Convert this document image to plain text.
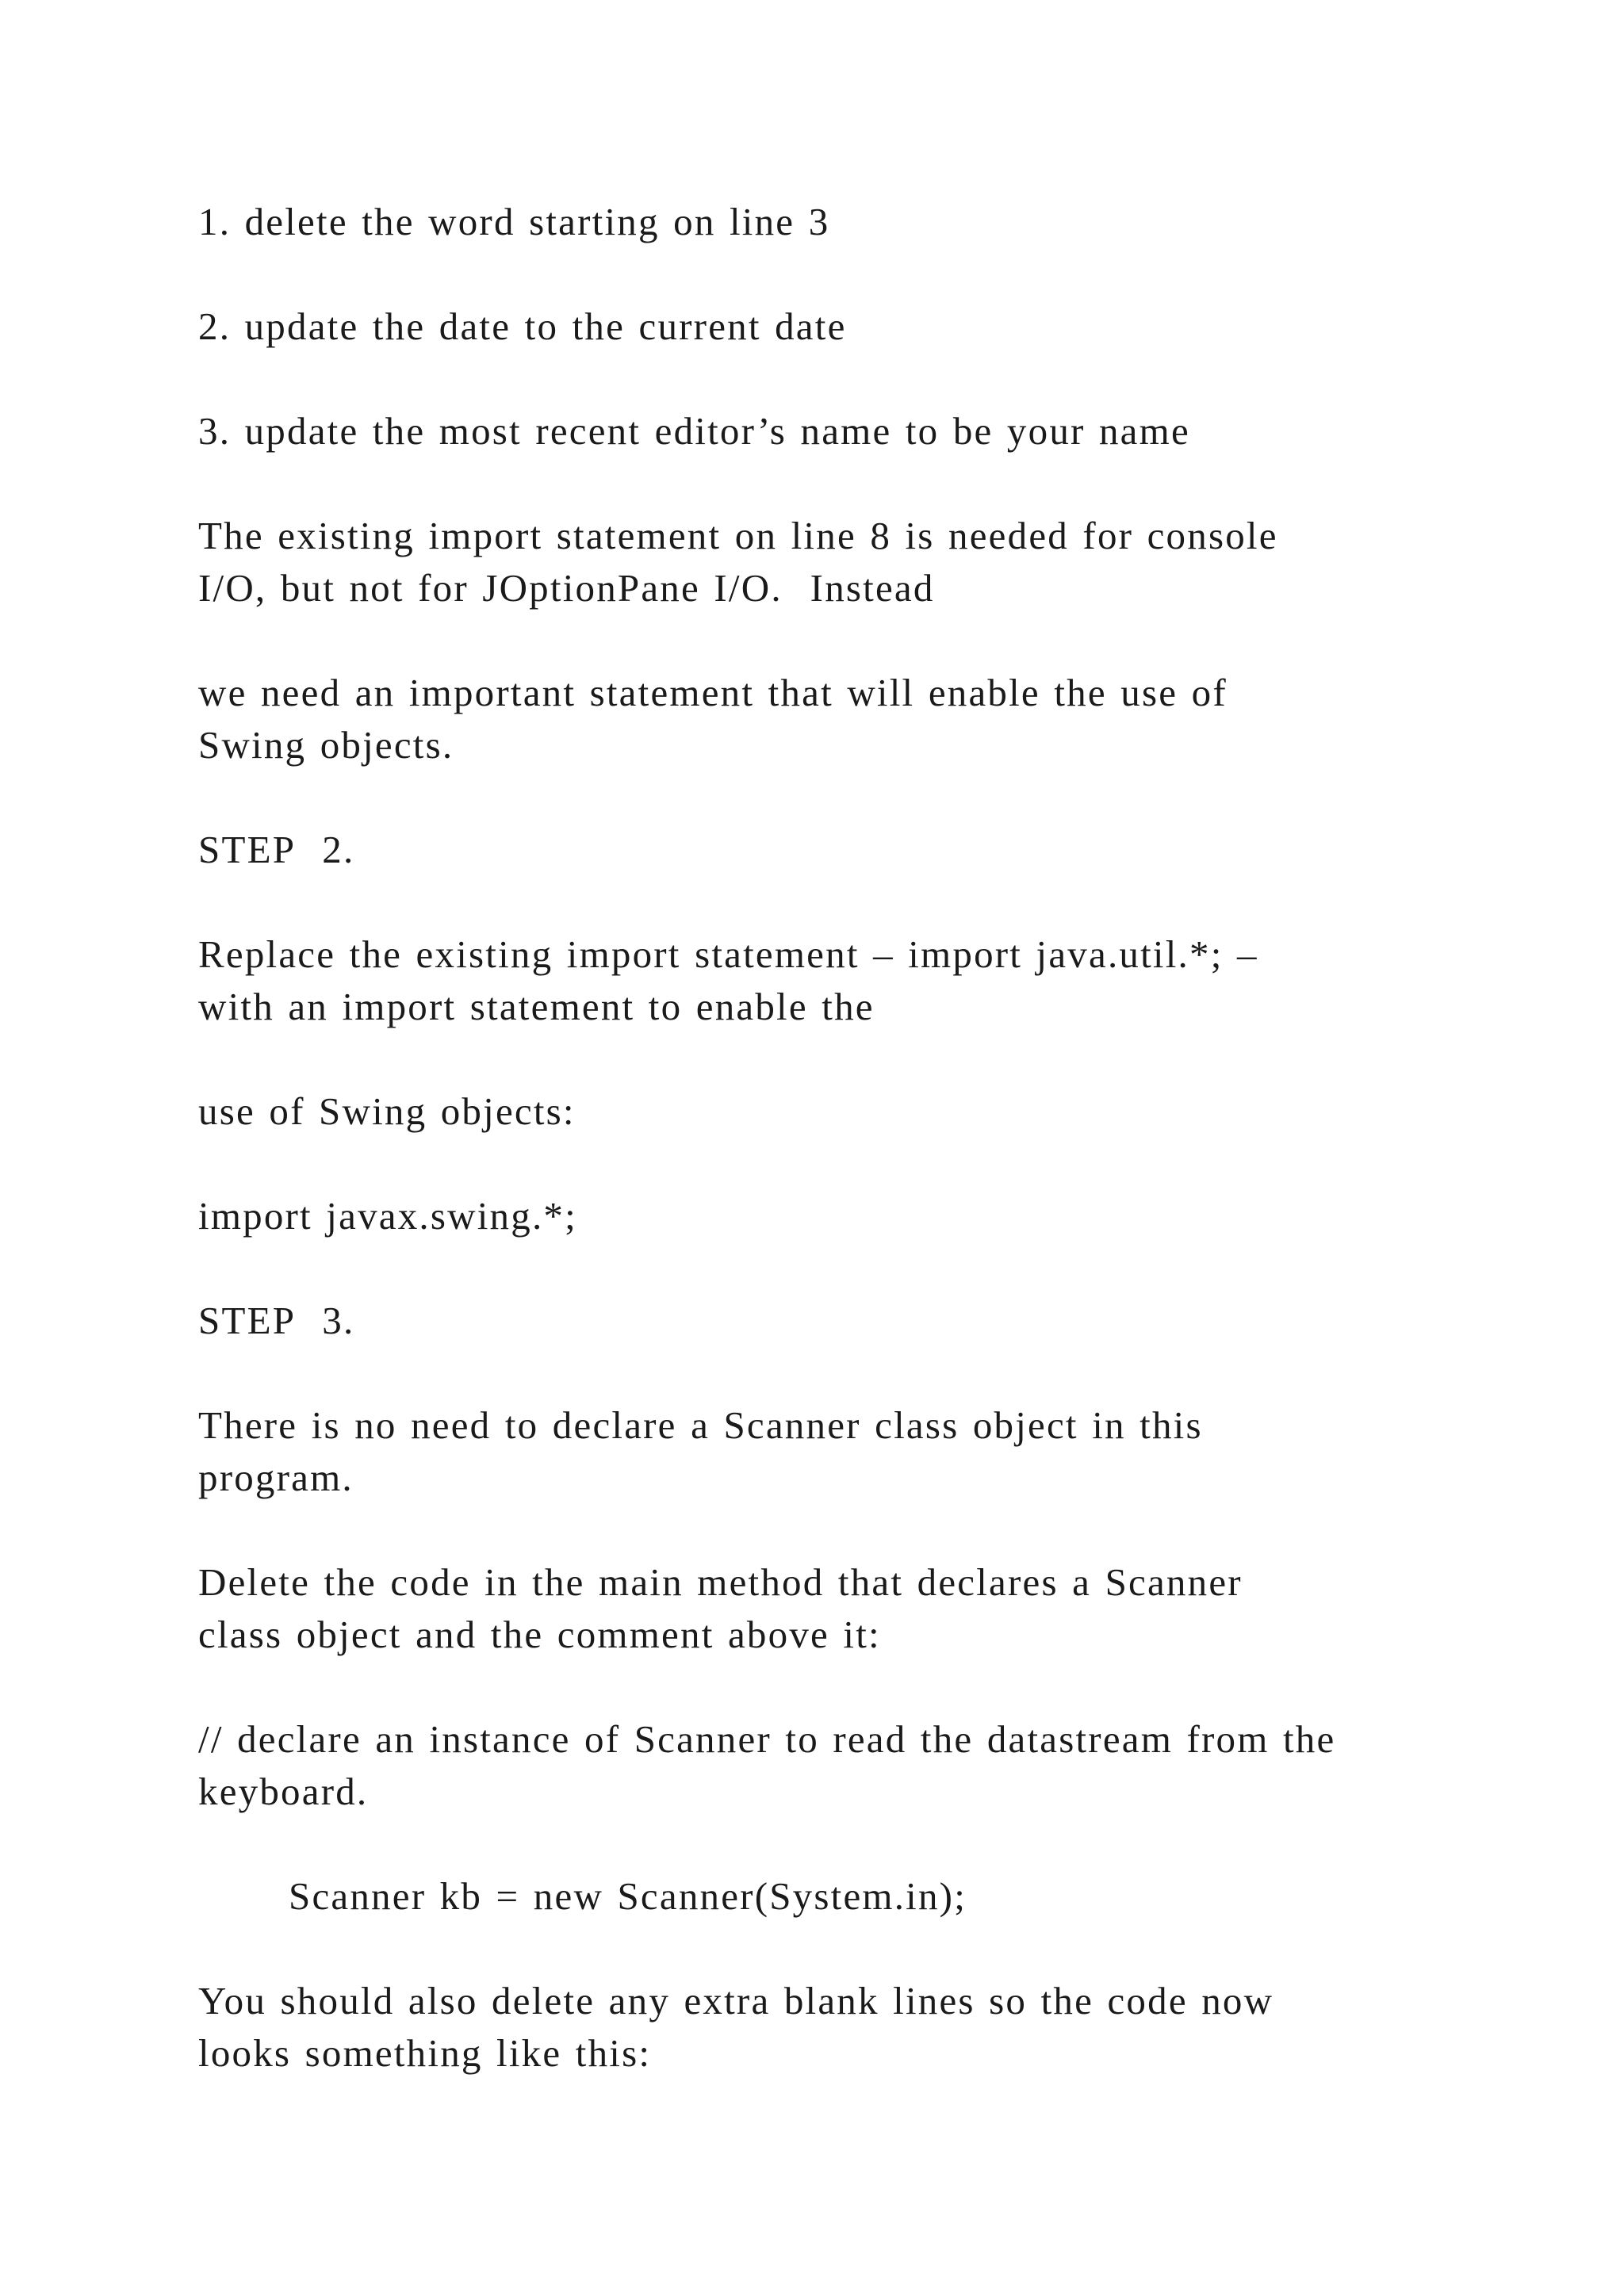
1. delete the word starting on line 3

2. update the date to the current date

3. update the most recent editor’s name to be your name

The existing import statement on line 8 is needed for console
I/O, but not for JOptionPane I/O.  Instead

we need an important statement that will enable the use of
Swing objects.

STEP  2.

Replace the existing import statement – import java.util.*; –
with an import statement to enable the

use of Swing objects:

import javax.swing.*;

STEP  3.

There is no need to declare a Scanner class object in this
program.

Delete the code in the main method that declares a Scanner
class object and the comment above it:

// declare an instance of Scanner to read the datastream from the
keyboard.

Scanner kb = new Scanner(System.in);

You should also delete any extra blank lines so the code now
looks something like this:
